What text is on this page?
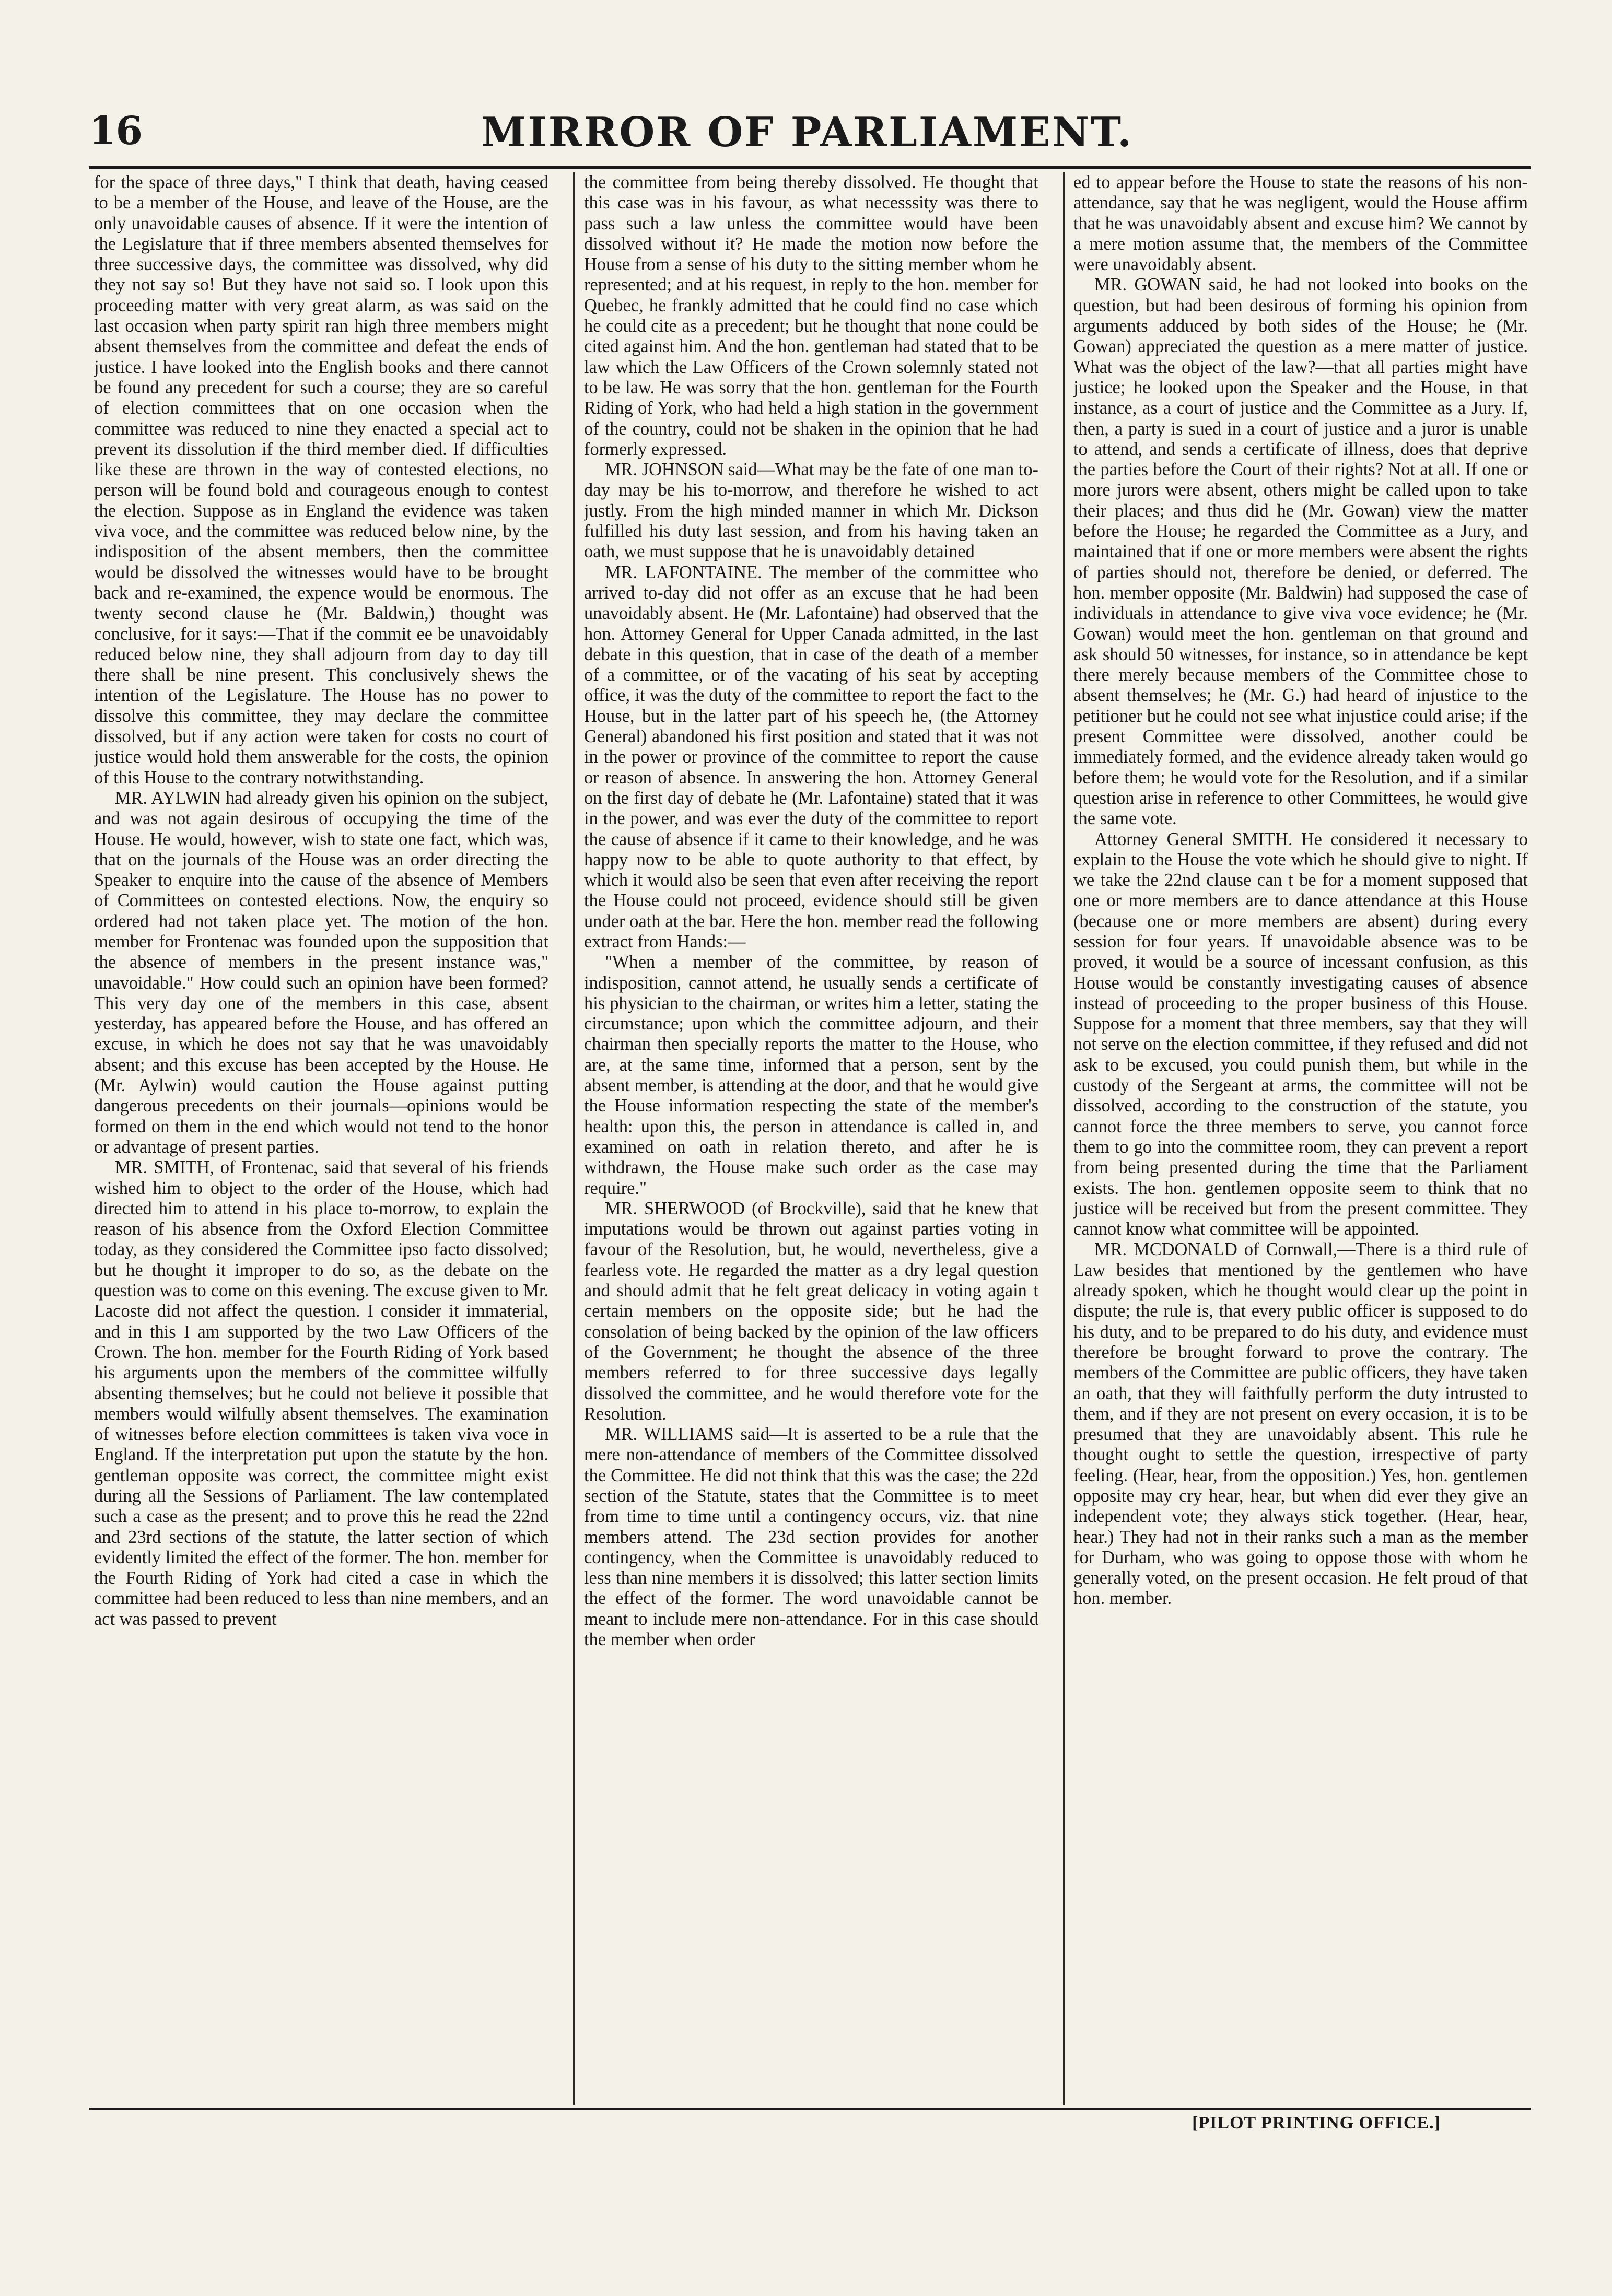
16	MIRROR OF PARLIAMENT.

for the space of three days," I think that death, having ceased to be a member of the House, and leave of the House, are the only unavoidable causes of absence. If it were the intention of the Legislature that if three members absented themselves for three successive days, the committee was dissolved, why did they not say so! But they have not said so. I look upon this proceeding matter with very great alarm, as was said on the last occasion when party spirit ran high three members might absent themselves from the committee and defeat the ends of justice. I have looked into the English books and there cannot be found any precedent for such a course; they are so careful of election committees that on one occasion when the committee was reduced to nine they enacted a special act to prevent its dissolution if the third member died. If difficulties like these are thrown in the way of contested elections, no person will be found bold and courageous enough to contest the election. Suppose as in England the evidence was taken viva voce, and the committee was reduced below nine, by the indisposition of the absent members, then the committee would be dissolved the witnesses would have to be brought back and re-examined, the expence would be enormous. The twenty second clause he (Mr. Baldwin,) thought was conclusive, for it says:—That if the commit ee be unavoidably reduced below nine, they shall adjourn from day to day till there shall be nine present. This conclusively shews the intention of the Legislature. The House has no power to dissolve this committee, they may declare the committee dissolved, but if any action were taken for costs no court of justice would hold them answerable for the costs, the opinion of this House to the contrary notwithstanding.

MR. AYLWIN had already given his opinion on the subject, and was not again desirous of occupying the time of the House. He would, however, wish to state one fact, which was, that on the journals of the House was an order directing the Speaker to enquire into the cause of the absence of Members of Committees on contested elections. Now, the enquiry so ordered had not taken place yet. The motion of the hon. member for Frontenac was founded upon the supposition that the absence of members in the present instance was," unavoidable." How could such an opinion have been formed? This very day one of the members in this case, absent yesterday, has appeared before the House, and has offered an excuse, in which he does not say that he was unavoidably absent; and this excuse has been accepted by the House. He (Mr. Aylwin) would caution the House against putting dangerous precedents on their journals—opinions would be formed on them in the end which would not tend to the honor or advantage of present parties.

MR. SMITH, of Frontenac, said that several of his friends wished him to object to the order of the House, which had directed him to attend in his place to-morrow, to explain the reason of his absence from the Oxford Election Committee today, as they considered the Committee ipso facto dissolved; but he thought it improper to do so, as the debate on the question was to come on this evening. The excuse given to Mr. Lacoste did not affect the question. I consider it immaterial, and in this I am supported by the two Law Officers of the Crown. The hon. member for the Fourth Riding of York based his arguments upon the members of the committee wilfully absenting themselves; but he could not believe it possible that members would wilfully absent themselves. The examination of witnesses before election committees is taken viva voce in England. If the interpretation put upon the statute by the hon. gentleman opposite was correct, the committee might exist during all the Sessions of Parliament. The law contemplated such a case as the present; and to prove this he read the 22nd and 23rd sections of the statute, the latter section of which evidently limited the effect of the former. The hon. member for the Fourth Riding of York had cited a case in which the committee had been reduced to less than nine members, and an act was passed to prevent

the committee from being thereby dissolved. He thought that this case was in his favour, as what necesssity was there to pass such a law unless the committee would have been dissolved without it? He made the motion now before the House from a sense of his duty to the sitting member whom he represented; and at his request, in reply to the hon. member for Quebec, he frankly admitted that he could find no case which he could cite as a precedent; but he thought that none could be cited against him. And the hon. gentleman had stated that to be law which the Law Officers of the Crown solemnly stated not to be law. He was sorry that the hon. gentleman for the Fourth Riding of York, who had held a high station in the government of the country, could not be shaken in the opinion that he had formerly expressed.

MR. JOHNSON said—What may be the fate of one man to-day may be his to-morrow, and therefore he wished to act justly. From the high minded manner in which Mr. Dickson fulfilled his duty last session, and from his having taken an oath, we must suppose that he is unavoidably detained

MR. LAFONTAINE. The member of the committee who arrived to-day did not offer as an excuse that he had been unavoidably absent. He (Mr. Lafontaine) had observed that the hon. Attorney General for Upper Canada admitted, in the last debate in this question, that in case of the death of a member of a committee, or of the vacating of his seat by accepting office, it was the duty of the committee to report the fact to the House, but in the latter part of his speech he, (the Attorney General) abandoned his first position and stated that it was not in the power or province of the committee to report the cause or reason of absence. In answering the hon. Attorney General on the first day of debate he (Mr. Lafontaine) stated that it was in the power, and was ever the duty of the committee to report the cause of absence if it came to their knowledge, and he was happy now to be able to quote authority to that effect, by which it would also be seen that even after receiving the report the House could not proceed, evidence should still be given under oath at the bar. Here the hon. member read the following extract from Hands:—

"When a member of the committee, by reason of indisposition, cannot attend, he usually sends a certificate of his physician to the chairman, or writes him a letter, stating the circumstance; upon which the committee adjourn, and their chairman then specially reports the matter to the House, who are, at the same time, informed that a person, sent by the absent member, is attending at the door, and that he would give the House information respecting the state of the member's health: upon this, the person in attendance is called in, and examined on oath in relation thereto, and after he is withdrawn, the House make such order as the case may require."

MR. SHERWOOD (of Brockville), said that he knew that imputations would be thrown out against parties voting in favour of the Resolution, but, he would, nevertheless, give a fearless vote. He regarded the matter as a dry legal question and should admit that he felt great delicacy in voting again t certain members on the opposite side; but he had the consolation of being backed by the opinion of the law officers of the Government; he thought the absence of the three members referred to for three successive days legally dissolved the committee, and he would therefore vote for the Resolution.

MR. WILLIAMS said—It is asserted to be a rule that the mere non-attendance of members of the Committee dissolved the Committee. He did not think that this was the case; the 22d section of the Statute, states that the Committee is to meet from time to time until a contingency occurs, viz. that nine members attend. The 23d section provides for another contingency, when the Committee is unavoidably reduced to less than nine members it is dissolved; this latter section limits the effect of the former. The word unavoidable cannot be meant to include mere non-attendance. For in this case should the member when order

ed to appear before the House to state the reasons of his non-attendance, say that he was negligent, would the House affirm that he was unavoidably absent and excuse him? We cannot by a mere motion assume that, the members of the Committee were unavoidably absent.

MR. GOWAN said, he had not looked into books on the question, but had been desirous of forming his opinion from arguments adduced by both sides of the House; he (Mr. Gowan) appreciated the question as a mere matter of justice. What was the object of the law?—that all parties might have justice; he looked upon the Speaker and the House, in that instance, as a court of justice and the Committee as a Jury. If, then, a party is sued in a court of justice and a juror is unable to attend, and sends a certificate of illness, does that deprive the parties before the Court of their rights? Not at all. If one or more jurors were absent, others might be called upon to take their places; and thus did he (Mr. Gowan) view the matter before the House; he regarded the Committee as a Jury, and maintained that if one or more members were absent the rights of parties should not, therefore be denied, or deferred. The hon. member opposite (Mr. Baldwin) had supposed the case of individuals in attendance to give viva voce evidence; he (Mr. Gowan) would meet the hon. gentleman on that ground and ask should 50 witnesses, for instance, so in attendance be kept there merely because members of the Committee chose to absent themselves; he (Mr. G.) had heard of injustice to the petitioner but he could not see what injustice could arise; if the present Committee were dissolved, another could be immediately formed, and the evidence already taken would go before them; he would vote for the Resolution, and if a similar question arise in reference to other Committees, he would give the same vote.

Attorney General SMITH. He considered it necessary to explain to the House the vote which he should give to night. If we take the 22nd clause can t be for a moment supposed that one or more members are to dance attendance at this House (because one or more members are absent) during every session for four years. If unavoidable absence was to be proved, it would be a source of incessant confusion, as this House would be constantly investigating causes of absence instead of proceeding to the proper business of this House. Suppose for a moment that three members, say that they will not serve on the election committee, if they refused and did not ask to be excused, you could punish them, but while in the custody of the Sergeant at arms, the committee will not be dissolved, according to the construction of the statute, you cannot force the three members to serve, you cannot force them to go into the committee room, they can prevent a report from being presented during the time that the Parliament exists. The hon. gentlemen opposite seem to think that no justice will be received but from the present committee. They cannot know what committee will be appointed.

MR. MCDONALD of Cornwall,—There is a third rule of Law besides that mentioned by the gentlemen who have already spoken, which he thought would clear up the point in dispute; the rule is, that every public officer is supposed to do his duty, and to be prepared to do his duty, and evidence must therefore be brought forward to prove the contrary. The members of the Committee are public officers, they have taken an oath, that they will faithfully perform the duty intrusted to them, and if they are not present on every occasion, it is to be presumed that they are unavoidably absent. This rule he thought ought to settle the question, irrespective of party feeling. (Hear, hear, from the opposition.) Yes, hon. gentlemen opposite may cry hear, hear, but when did ever they give an independent vote; they always stick together. (Hear, hear, hear.) They had not in their ranks such a man as the member for Durham, who was going to oppose those with whom he generally voted, on the present occasion. He felt proud of that hon. member.

[PILOT PRINTING OFFICE.]
